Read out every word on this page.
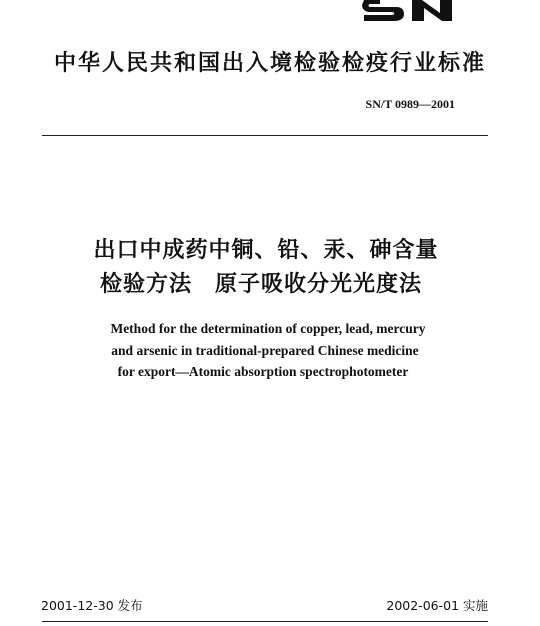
中华人民共和国出入境检验检疫行业标准
SN/T 0989—2001
出口中成药中铜、铅、汞、砷含量
检验方法　原子吸收分光光度法
Method for the determination of copper, lead, mercury
and arsenic in traditional-prepared Chinese medicine
for export—Atomic absorption spectrophotometer
2001-12-30 发布	2002-06-01 实施
